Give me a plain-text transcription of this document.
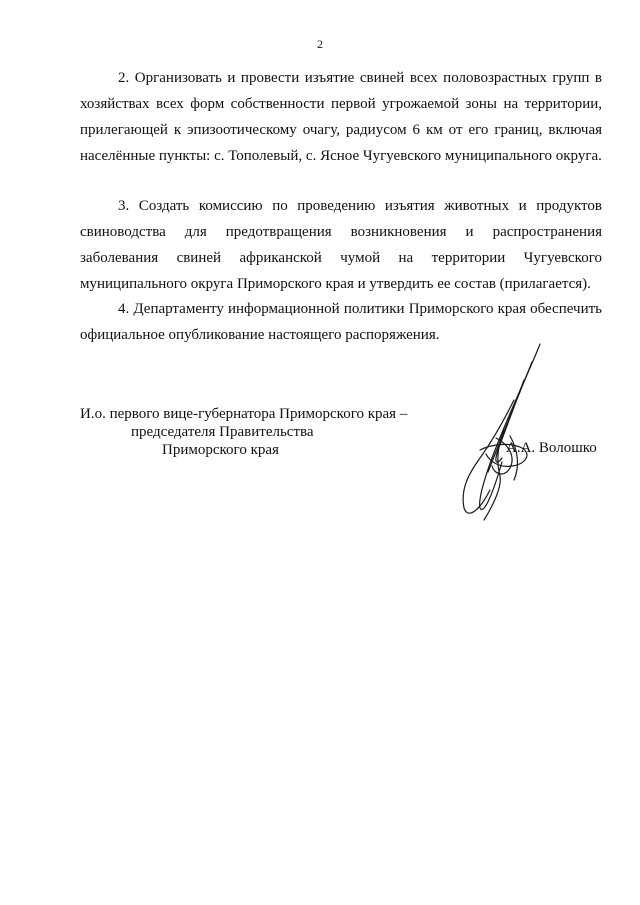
2

2. Организовать и провести изъятие свиней всех половозрастных групп в хозяйствах всех форм собственности первой угрожаемой зоны на территории, прилегающей к эпизоотическому очагу, радиусом 6 км от его границ, включая населённые пункты: с. Тополевый, с. Ясное Чугуевского муниципального округа.

3. Создать комиссию по проведению изъятия животных и продуктов свиноводства для предотвращения возникновения и распространения заболевания свиней африканской чумой на территории Чугуевского муниципального округа Приморского края и утвердить ее состав (прилагается).

4. Департаменту информационной политики Приморского края обеспечить официальное опубликование настоящего распоряжения.

И.о. первого вице-губернатора Приморского края –
председателя Правительства
Приморского края	А.А. Волошко
